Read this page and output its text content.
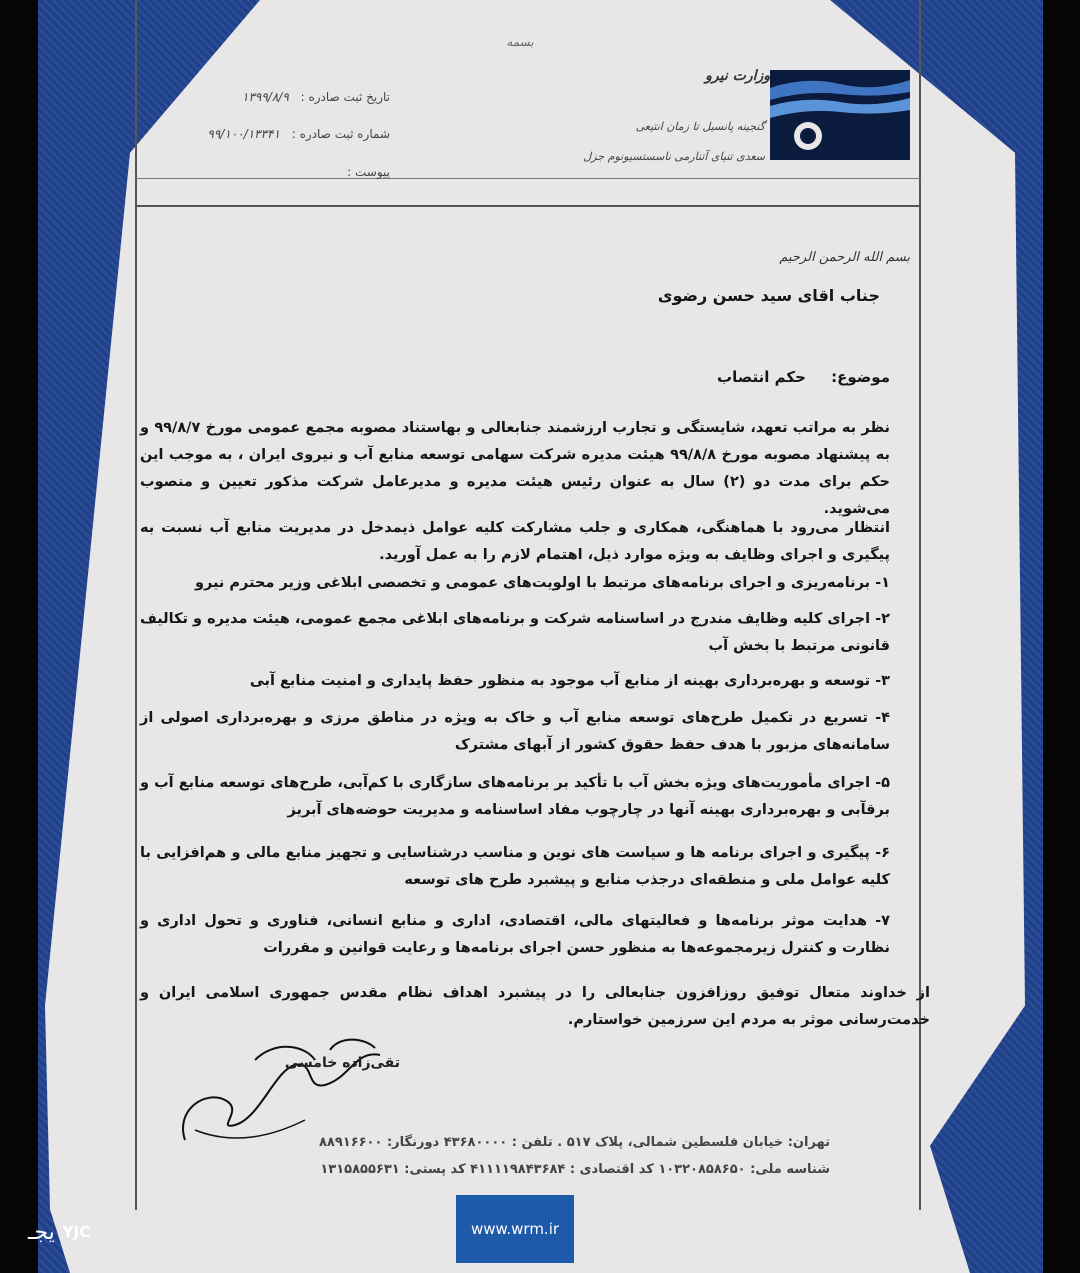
بسمه
وزارت نیرو
گنجینه پانسیل تا زمان انتیعی
سعدی تنیای آتنارمی ناسستسیونوم جزل
تاریخ ثبت صادره : ۱۳۹۹/۸/۹
شماره ثبت صادره : ۹۹/۱۰۰/۱۳۳۴۱
پیوست :
بسم الله الرحمن الرحیم
جناب اقای سید حسن رضوی
موضوع: حکم انتصاب
نظر به مراتب تعهد، شایستگی و تجارب ارزشمند جنابعالی و بهاستناد مصوبه مجمع عمومی مورخ ۹۹/۸/۷ و به پیشنهاد مصوبه مورخ ۹۹/۸/۸ هیئت مدیره شرکت سهامی توسعه منابع آب و نیروی ایران ، به موجب این حکم برای مدت دو (۲) سال به عنوان رئیس هیئت مدیره و مدیرعامل شرکت مذکور تعیین و منصوب می‌شوید.
انتظار می‌رود با هماهنگی، همکاری و جلب مشارکت کلیه عوامل ذیمدخل در مدیریت منابع آب نسبت به پیگیری و اجرای وظایف به ویژه موارد ذیل، اهتمام لازم را به عمل آورید.
۱- برنامه‌ریزی و اجرای برنامه‌های مرتبط با اولویت‌های عمومی و تخصصی ابلاغی وزیر محترم نیرو
۲- اجرای کلیه وظایف مندرج در اساسنامه شرکت و برنامه‌های ابلاغی مجمع عمومی، هیئت مدیره و تکالیف قانونی مرتبط با بخش آب
۳- توسعه و بهره‌برداری بهینه از منابع آب موجود به منظور حفظ پایداری و امنیت منابع آبی
۴- تسریع در تکمیل طرح‌های توسعه منابع آب و خاک به ویژه در مناطق مرزی و بهره‌برداری اصولی از سامانه‌های مزبور با هدف حفظ حقوق کشور از آبهای مشترک
۵- اجرای مأموریت‌های ویژه بخش آب با تأکید بر برنامه‌های سازگاری با کم‌آبی، طرح‌های توسعه منابع آب و برقآبی و بهره‌برداری بهینه آنها در چارچوب مفاد اساسنامه و مدیریت حوضه‌های آبریز
۶- پیگیری و اجرای برنامه ها و سیاست های نوین و مناسب درشناسایی و تجهیز منابع مالی و هم‌افزایی با کلیه عوامل ملی و منطقه‌ای درجذب منابع و پیشبرد طرح های توسعه
۷- هدایت موثر برنامه‌ها و فعالیتهای مالی، اقتصادی، اداری و منابع انسانی، فناوری و تحول اداری و نظارت و کنترل زیرمجموعه‌ها به منظور حسن اجرای برنامه‌ها و رعایت قوانین و مقررات
از خداوند متعال توفیق روزافزون جنابعالی را در پیشبرد اهداف نظام مقدس جمهوری اسلامی ایران و خدمت‌رسانی موثر به مردم این سرزمین خواستارم.
تقی‌زاده خامسی
تهران: خیابان فلسطین شمالی، پلاک ۵۱۷ . تلفن : ۴۳۶۸۰۰۰۰ دورنگار: ۸۸۹۱۶۶۰۰
شناسه ملی: ۱۰۳۲۰۸۵۸۶۵۰ کد اقتصادی : ۴۱۱۱۱۹۸۴۳۶۸۴ کد پستی: ۱۳۱۵۸۵۵۶۳۱
www.wrm.ir
یجـ YJC
